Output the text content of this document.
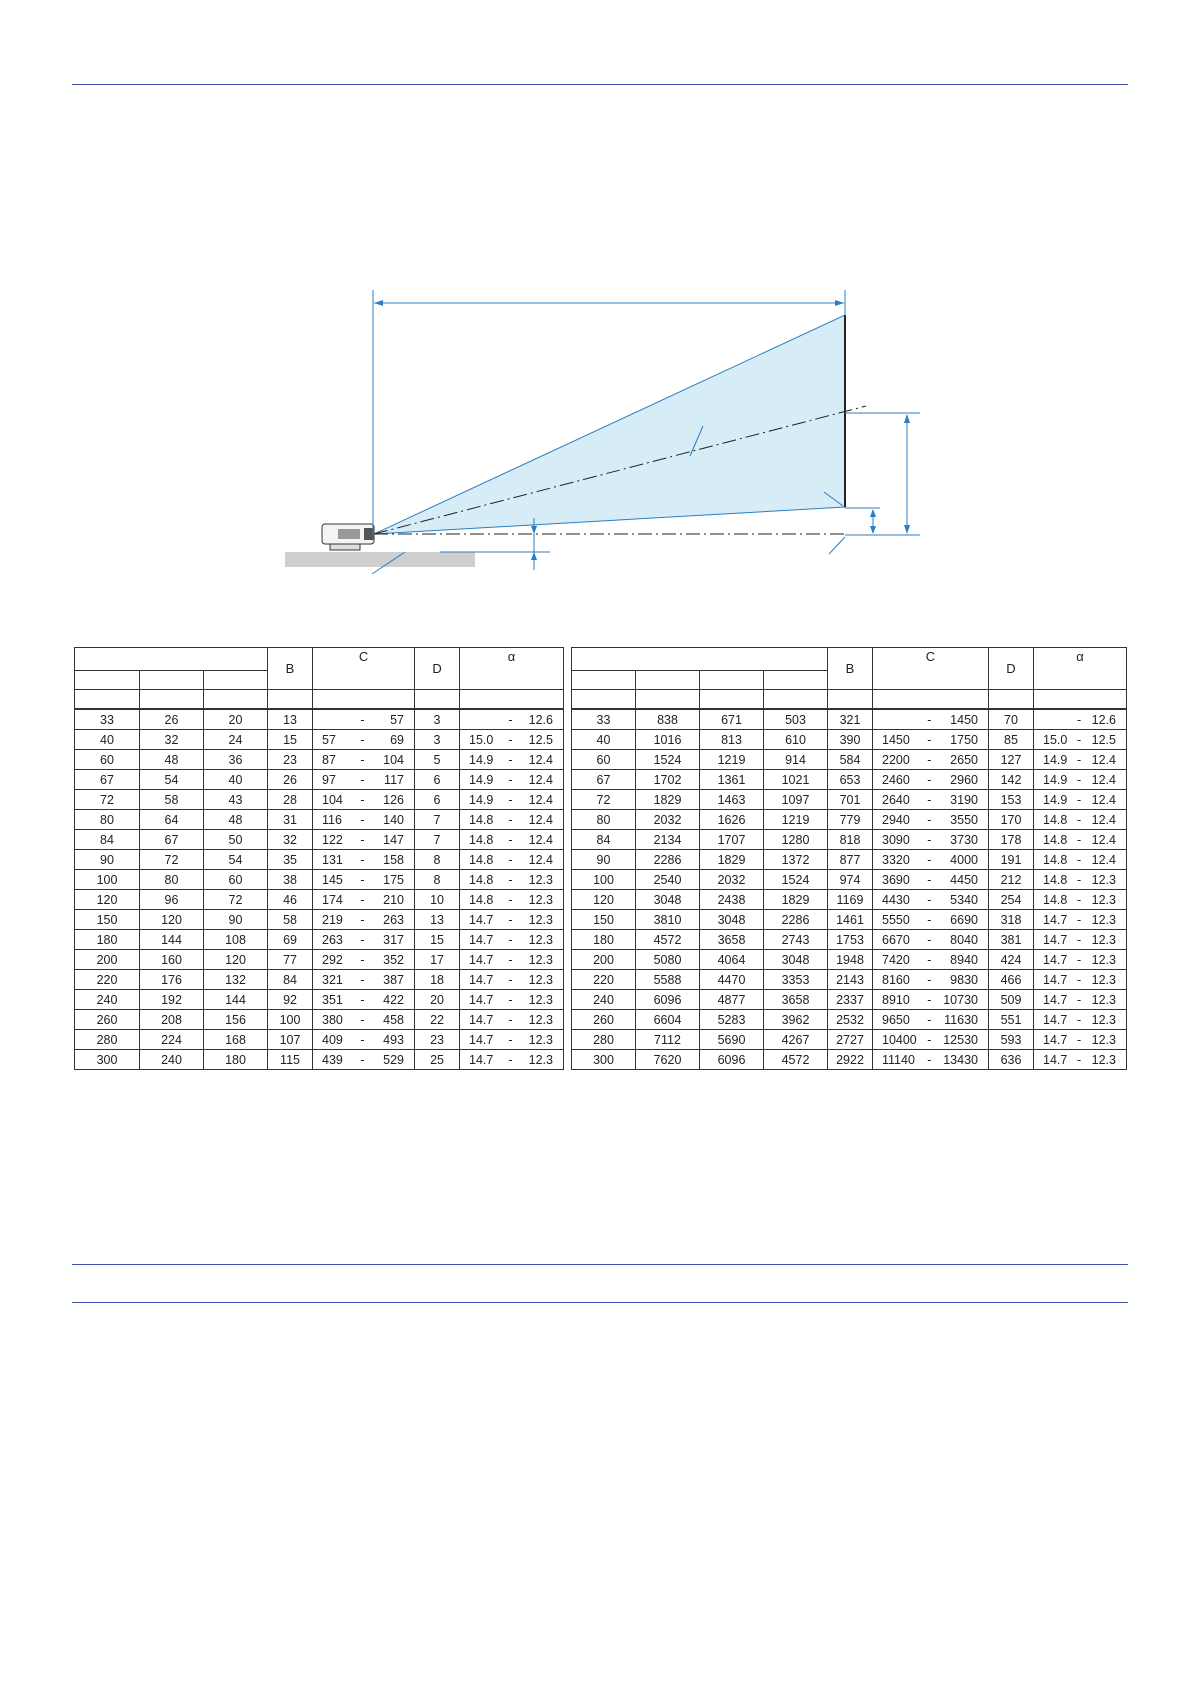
			B	C	D	α

33	26	20	13	- 57	3	- 12.6
40	32	24	15	57 - 69	3	15.0 - 12.5
60	48	36	23	87 - 104	5	14.9 - 12.4
67	54	40	26	97 - 117	6	14.9 - 12.4
72	58	43	28	104 - 126	6	14.9 - 12.4
80	64	48	31	116 - 140	7	14.8 - 12.4
84	67	50	32	122 - 147	7	14.8 - 12.4
90	72	54	35	131 - 158	8	14.8 - 12.4
100	80	60	38	145 - 175	8	14.8 - 12.3
120	96	72	46	174 - 210	10	14.8 - 12.3
150	120	90	58	219 - 263	13	14.7 - 12.3
180	144	108	69	263 - 317	15	14.7 - 12.3
200	160	120	77	292 - 352	17	14.7 - 12.3
220	176	132	84	321 - 387	18	14.7 - 12.3
240	192	144	92	351 - 422	20	14.7 - 12.3
260	208	156	100	380 - 458	22	14.7 - 12.3
280	224	168	107	409 - 493	23	14.7 - 12.3
300	240	180	115	439 - 529	25	14.7 - 12.3
				B	C	D	α

33	838	671	503	321	- 1450	70	- 12.6
40	1016	813	610	390	1450 - 1750	85	15.0 - 12.5
60	1524	1219	914	584	2200 - 2650	127	14.9 - 12.4
67	1702	1361	1021	653	2460 - 2960	142	14.9 - 12.4
72	1829	1463	1097	701	2640 - 3190	153	14.9 - 12.4
80	2032	1626	1219	779	2940 - 3550	170	14.8 - 12.4
84	2134	1707	1280	818	3090 - 3730	178	14.8 - 12.4
90	2286	1829	1372	877	3320 - 4000	191	14.8 - 12.4
100	2540	2032	1524	974	3690 - 4450	212	14.8 - 12.3
120	3048	2438	1829	1169	4430 - 5340	254	14.8 - 12.3
150	3810	3048	2286	1461	5550 - 6690	318	14.7 - 12.3
180	4572	3658	2743	1753	6670 - 8040	381	14.7 - 12.3
200	5080	4064	3048	1948	7420 - 8940	424	14.7 - 12.3
220	5588	4470	3353	2143	8160 - 9830	466	14.7 - 12.3
240	6096	4877	3658	2337	8910 - 10730	509	14.7 - 12.3
260	6604	5283	3962	2532	9650 - 11630	551	14.7 - 12.3
280	7112	5690	4267	2727	10400 - 12530	593	14.7 - 12.3
300	7620	6096	4572	2922	11140 - 13430	636	14.7 - 12.3
